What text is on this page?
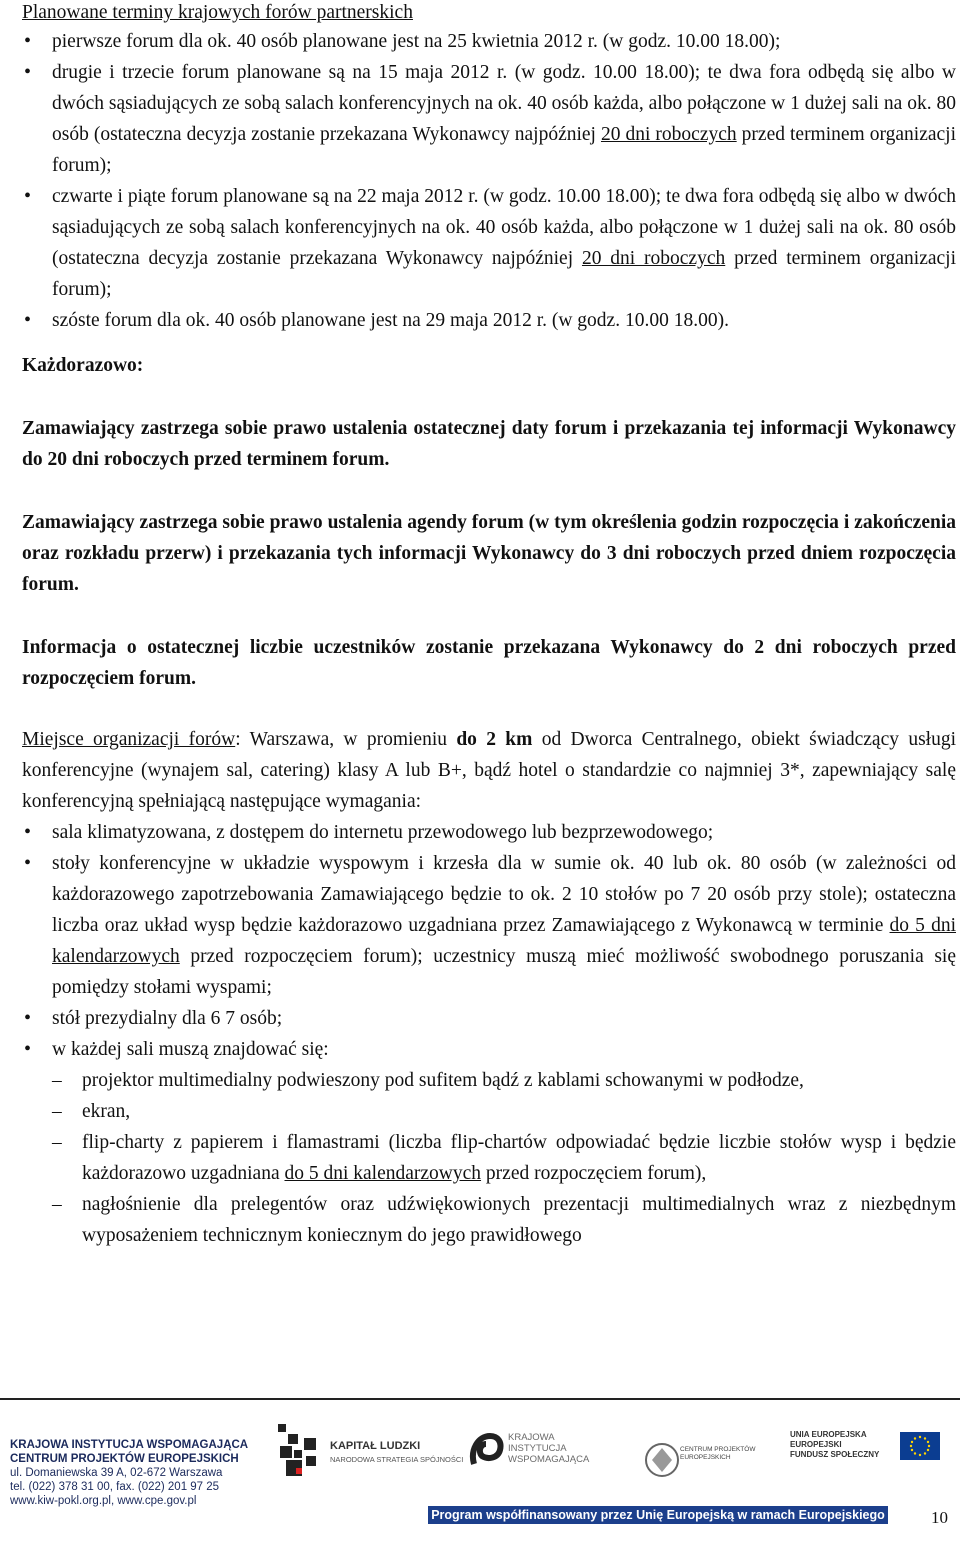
Planowane terminy krajowych forów partnerskich

• pierwsze forum dla ok. 40 osób planowane jest na 25 kwietnia 2012 r. (w godz. 10.00 18.00);
• drugie i trzecie forum planowane są na 15 maja 2012 r. (w godz. 10.00 18.00); te dwa fora odbędą się albo w dwóch sąsiadujących ze sobą salach konferencyjnych na ok. 40 osób każda, albo połączone w 1 dużej sali na ok. 80 osób (ostateczna decyzja zostanie przekazana Wykonawcy najpóźniej 20 dni roboczych przed terminem organizacji forum);
• czwarte i piąte forum planowane są na 22 maja 2012 r. (w godz. 10.00 18.00); te dwa fora odbędą się albo w dwóch sąsiadujących ze sobą salach konferencyjnych na ok. 40 osób każda, albo połączone w 1 dużej sali na ok. 80 osób (ostateczna decyzja zostanie przekazana Wykonawcy najpóźniej 20 dni roboczych przed terminem organizacji forum);
• szóste forum dla ok. 40 osób planowane jest na 29 maja 2012 r. (w godz. 10.00 18.00).

Każdorazowo:

Zamawiający zastrzega sobie prawo ustalenia ostatecznej daty forum i przekazania tej informacji Wykonawcy do 20 dni roboczych przed terminem forum.

Zamawiający zastrzega sobie prawo ustalenia agendy forum (w tym określenia godzin rozpoczęcia i zakończenia oraz rozkładu przerw) i przekazania tych informacji Wykonawcy do 3 dni roboczych przed dniem rozpoczęcia forum.

Informacja o ostatecznej liczbie uczestników zostanie przekazana Wykonawcy do 2 dni roboczych przed rozpoczęciem forum.

Miejsce organizacji forów: Warszawa, w promieniu do 2 km od Dworca Centralnego, obiekt świadczący usługi konferencyjne (wynajem sal, catering) klasy A lub B+, bądź hotel o standardzie co najmniej 3*, zapewniający salę konferencyjną spełniającą następujące wymagania:

• sala klimatyzowana, z dostępem do internetu przewodowego lub bezprzewodowego;
• stoły konferencyjne w układzie wyspowym i krzesła dla w sumie ok. 40 lub ok. 80 osób (w zależności od każdorazowego zapotrzebowania Zamawiającego będzie to ok. 2 10 stołów po 7 20 osób przy stole); ostateczna liczba oraz układ wysp będzie każdorazowo uzgadniana przez Zamawiającego z Wykonawcą w terminie do 5 dni kalendarzowych przed rozpoczęciem forum); uczestnicy muszą mieć możliwość swobodnego poruszania się pomiędzy stołami wyspami;
• stół prezydialny dla 6 7 osób;
• w każdej sali muszą znajdować się:
– projektor multimedialny podwieszony pod sufitem bądź z kablami schowanymi w podłodze,
– ekran,
– flip-charty z papierem i flamastrami (liczba flip-chartów odpowiadać będzie liczbie stołów wysp i będzie każdorazowo uzgadniana do 5 dni kalendarzowych przed rozpoczęciem forum),
– nagłośnienie dla prelegentów oraz udźwiękowionych prezentacji multimedialnych wraz z niezbędnym wyposażeniem technicznym koniecznym do jego prawidłowego
KRAJOWA INSTYTUCJA WSPOMAGAJĄCA
CENTRUM PROJEKTÓW EUROPEJSKICH
ul. Domaniewska 39 A, 02-672 Warszawa
tel. (022) 378 31 00, fax. (022) 201 97 25
www.kiw-pokl.org.pl, www.cpe.gov.pl
KAPITAŁ LUDZKI
NARODOWA STRATEGIA SPÓJNOŚCI
KRAJOWA
INSTYTUCJA
WSPOMAGAJĄCA
CENTRUM PROJEKTÓW
EUROPEJSKICH
UNIA EUROPEJSKA
EUROPEJSKI
FUNDUSZ SPOŁECZNY
Program współfinansowany przez Unię Europejską w ramach Europejskiego Funduszu Społecznego
10
